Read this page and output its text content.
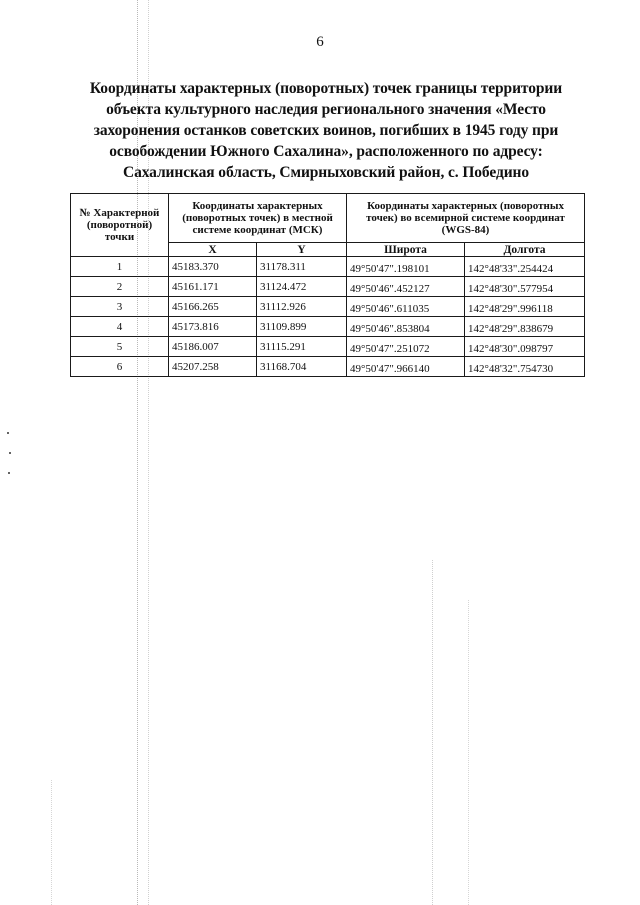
6
Координаты характерных (поворотных) точек границы территории
объекта культурного наследия регионального значения «Место
захоронения останков советских воинов, погибших в 1945 году при
освобождении Южного Сахалина», расположенного по адресу:
Сахалинская область, Смирныховский район, с. Победино
№ Характерной (поворотной) точки	Координаты характерных (поворотных точек) в местной системе координат (МСК)		Координаты характерных (поворотных точек) во всемирной системе координат (WGS-84)	
	X	Y	Широта	Долгота
1	45183.370	31178.311	49°50'47".198101	142°48'33".254424
2	45161.171	31124.472	49°50'46".452127	142°48'30".577954
3	45166.265	31112.926	49°50'46".611035	142°48'29".996118
4	45173.816	31109.899	49°50'46".853804	142°48'29".838679
5	45186.007	31115.291	49°50'47".251072	142°48'30".098797
6	45207.258	31168.704	49°50'47".966140	142°48'32".754730
